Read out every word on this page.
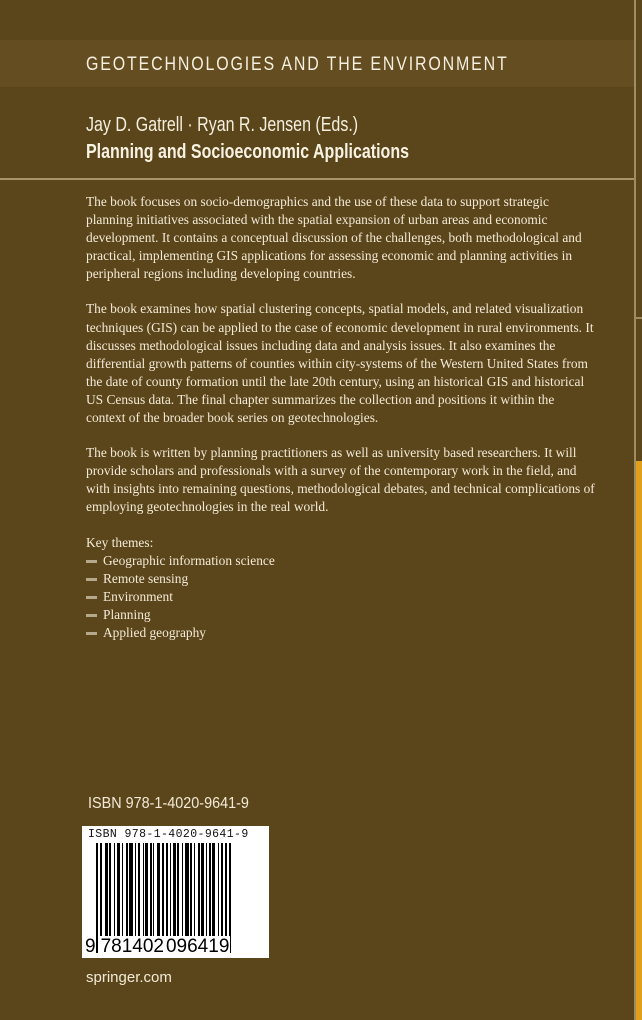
GEOTECHNOLOGIES AND THE ENVIRONMENT
Jay D. Gatrell · Ryan R. Jensen (Eds.)
Planning and Socioeconomic Applications

The book focuses on socio-demographics and the use of these data to support strategic planning initiatives associated with the spatial expansion of urban areas and economic development. It contains a conceptual discussion of the challenges, both methodological and practical, implementing GIS applications for assessing economic and planning activities in peripheral regions including developing countries.

The book examines how spatial clustering concepts, spatial models, and related visualization techniques (GIS) can be applied to the case of economic development in rural environments. It discusses methodological issues including data and analysis issues. It also examines the differential growth patterns of counties within city-systems of the Western United States from the date of county formation until the late 20th century, using an historical GIS and historical US Census data. The final chapter summarizes the collection and positions it within the context of the broader book series on geotechnologies.

The book is written by planning practitioners as well as university based researchers. It will provide scholars and professionals with a survey of the contemporary work in the field, and with insights into remaining questions, methodological debates, and technical complications of employing geotechnologies in the real world.

Key themes:
Geographic information science
Remote sensing
Environment
Planning
Applied geography
ISBN 978-1-4020-9641-9
ISBN 978-1-4020-9641-9
9 781402 096419
springer.com
